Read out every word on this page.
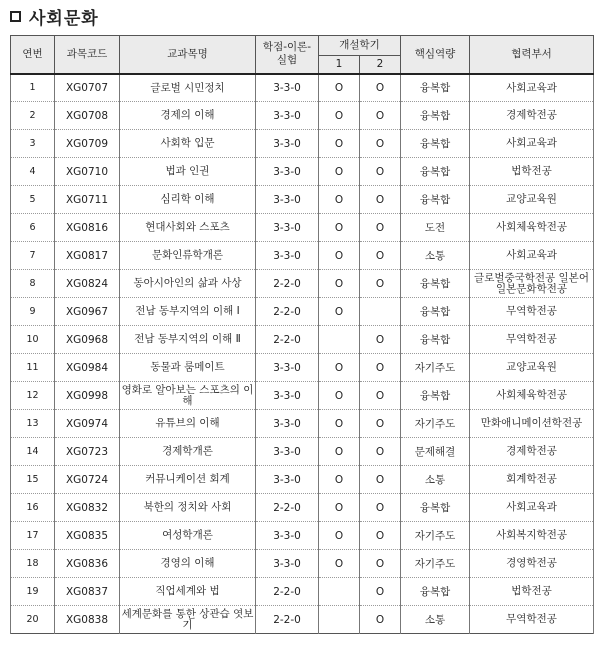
사회문화
연번	과목코드	교과목명	학점-이론-실험	개설학기		핵심역량	협력부서
				1	2		
1	XG0707	글로벌 시민정치	3-3-0	O	O	융복합	사회교육과
2	XG0708	경제의 이해	3-3-0	O	O	융복합	경제학전공
3	XG0709	사회학 입문	3-3-0	O	O	융복합	사회교육과
4	XG0710	법과 인권	3-3-0	O	O	융복합	법학전공
5	XG0711	심리학 이해	3-3-0	O	O	융복합	교양교육원
6	XG0816	현대사회와 스포츠	3-3-0	O	O	도전	사회체육학전공
7	XG0817	문화인류학개론	3-3-0	O	O	소통	사회교육과
8	XG0824	동아시아인의 삶과 사상	2-2-0	O	O	융복합	글로벌중국학전공 일본어일본문화학전공
9	XG0967	전남 동부지역의 이해 Ⅰ	2-2-0	O		융복합	무역학전공
10	XG0968	전남 동부지역의 이해 Ⅱ	2-2-0		O	융복합	무역학전공
11	XG0984	동물과 룸메이트	3-3-0	O	O	자기주도	교양교육원
12	XG0998	영화로 알아보는 스포츠의 이해	3-3-0	O	O	융복합	사회체육학전공
13	XG0974	유튜브의 이해	3-3-0	O	O	자기주도	만화애니메이션학전공
14	XG0723	경제학개론	3-3-0	O	O	문제해결	경제학전공
15	XG0724	커뮤니케이션 회계	3-3-0	O	O	소통	회계학전공
16	XG0832	북한의 정치와 사회	2-2-0	O	O	융복합	사회교육과
17	XG0835	여성학개론	3-3-0	O	O	자기주도	사회복지학전공
18	XG0836	경영의 이해	3-3-0	O	O	자기주도	경영학전공
19	XG0837	직업세계와 법	2-2-0		O	융복합	법학전공
20	XG0838	세계문화를 통한 상관습 엿보기	2-2-0		O	소통	무역학전공
